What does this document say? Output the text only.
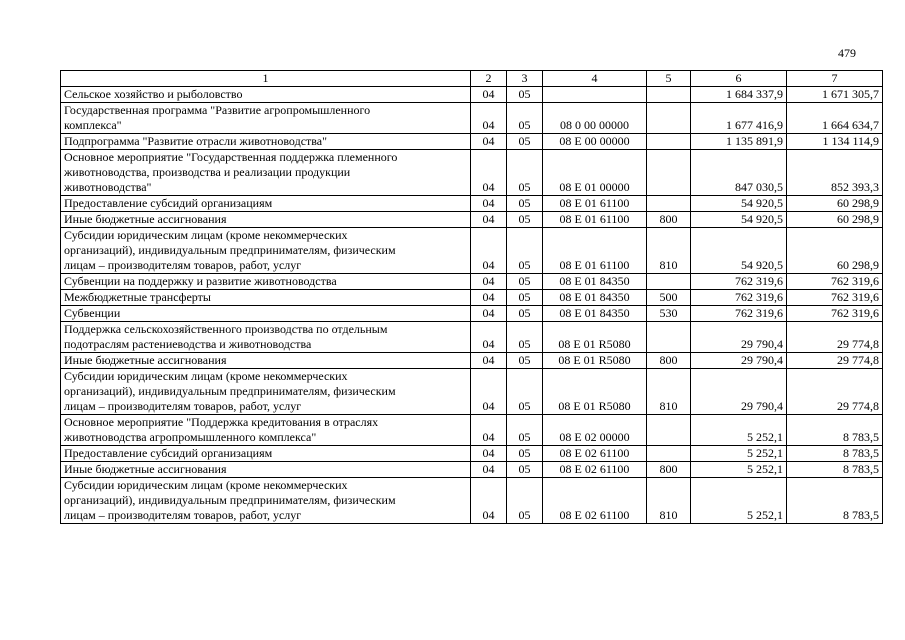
479
1	2	3	4	5	6	7
Сельское хозяйство и рыболовство	04	05			1 684 337,9	1 671 305,7
Государственная программа "Развитие агропромышленного
комплекса"	04	05	08 0 00 00000		1 677 416,9	1 664 634,7
Подпрограмма "Развитие отрасли животноводства"	04	05	08 Е 00 00000		1 135 891,9	1 134 114,9
Основное мероприятие "Государственная поддержка племенного
животноводства, производства и реализации продукции
животноводства"	04	05	08 Е 01 00000		847 030,5	852 393,3
Предоставление субсидий организациям	04	05	08 Е 01 61100		54 920,5	60 298,9
Иные бюджетные ассигнования	04	05	08 Е 01 61100	800	54 920,5	60 298,9
Субсидии юридическим лицам (кроме некоммерческих
организаций), индивидуальным предпринимателям, физическим
лицам – производителям товаров, работ, услуг	04	05	08 Е 01 61100	810	54 920,5	60 298,9
Субвенции на поддержку и развитие животноводства	04	05	08 Е 01 84350		762 319,6	762 319,6
Межбюджетные трансферты	04	05	08 Е 01 84350	500	762 319,6	762 319,6
Субвенции	04	05	08 Е 01 84350	530	762 319,6	762 319,6
Поддержка сельскохозяйственного производства по отдельным
подотраслям растениеводства и животноводства	04	05	08 Е 01 R5080		29 790,4	29 774,8
Иные бюджетные ассигнования	04	05	08 Е 01 R5080	800	29 790,4	29 774,8
Субсидии юридическим лицам (кроме некоммерческих
организаций), индивидуальным предпринимателям, физическим
лицам – производителям товаров, работ, услуг	04	05	08 Е 01 R5080	810	29 790,4	29 774,8
Основное мероприятие "Поддержка кредитования в отраслях
животноводства агропромышленного комплекса"	04	05	08 Е 02 00000		5 252,1	8 783,5
Предоставление субсидий организациям	04	05	08 Е 02 61100		5 252,1	8 783,5
Иные бюджетные ассигнования	04	05	08 Е 02 61100	800	5 252,1	8 783,5
Субсидии юридическим лицам (кроме некоммерческих
организаций), индивидуальным предпринимателям, физическим
лицам – производителям товаров, работ, услуг	04	05	08 Е 02 61100	810	5 252,1	8 783,5
